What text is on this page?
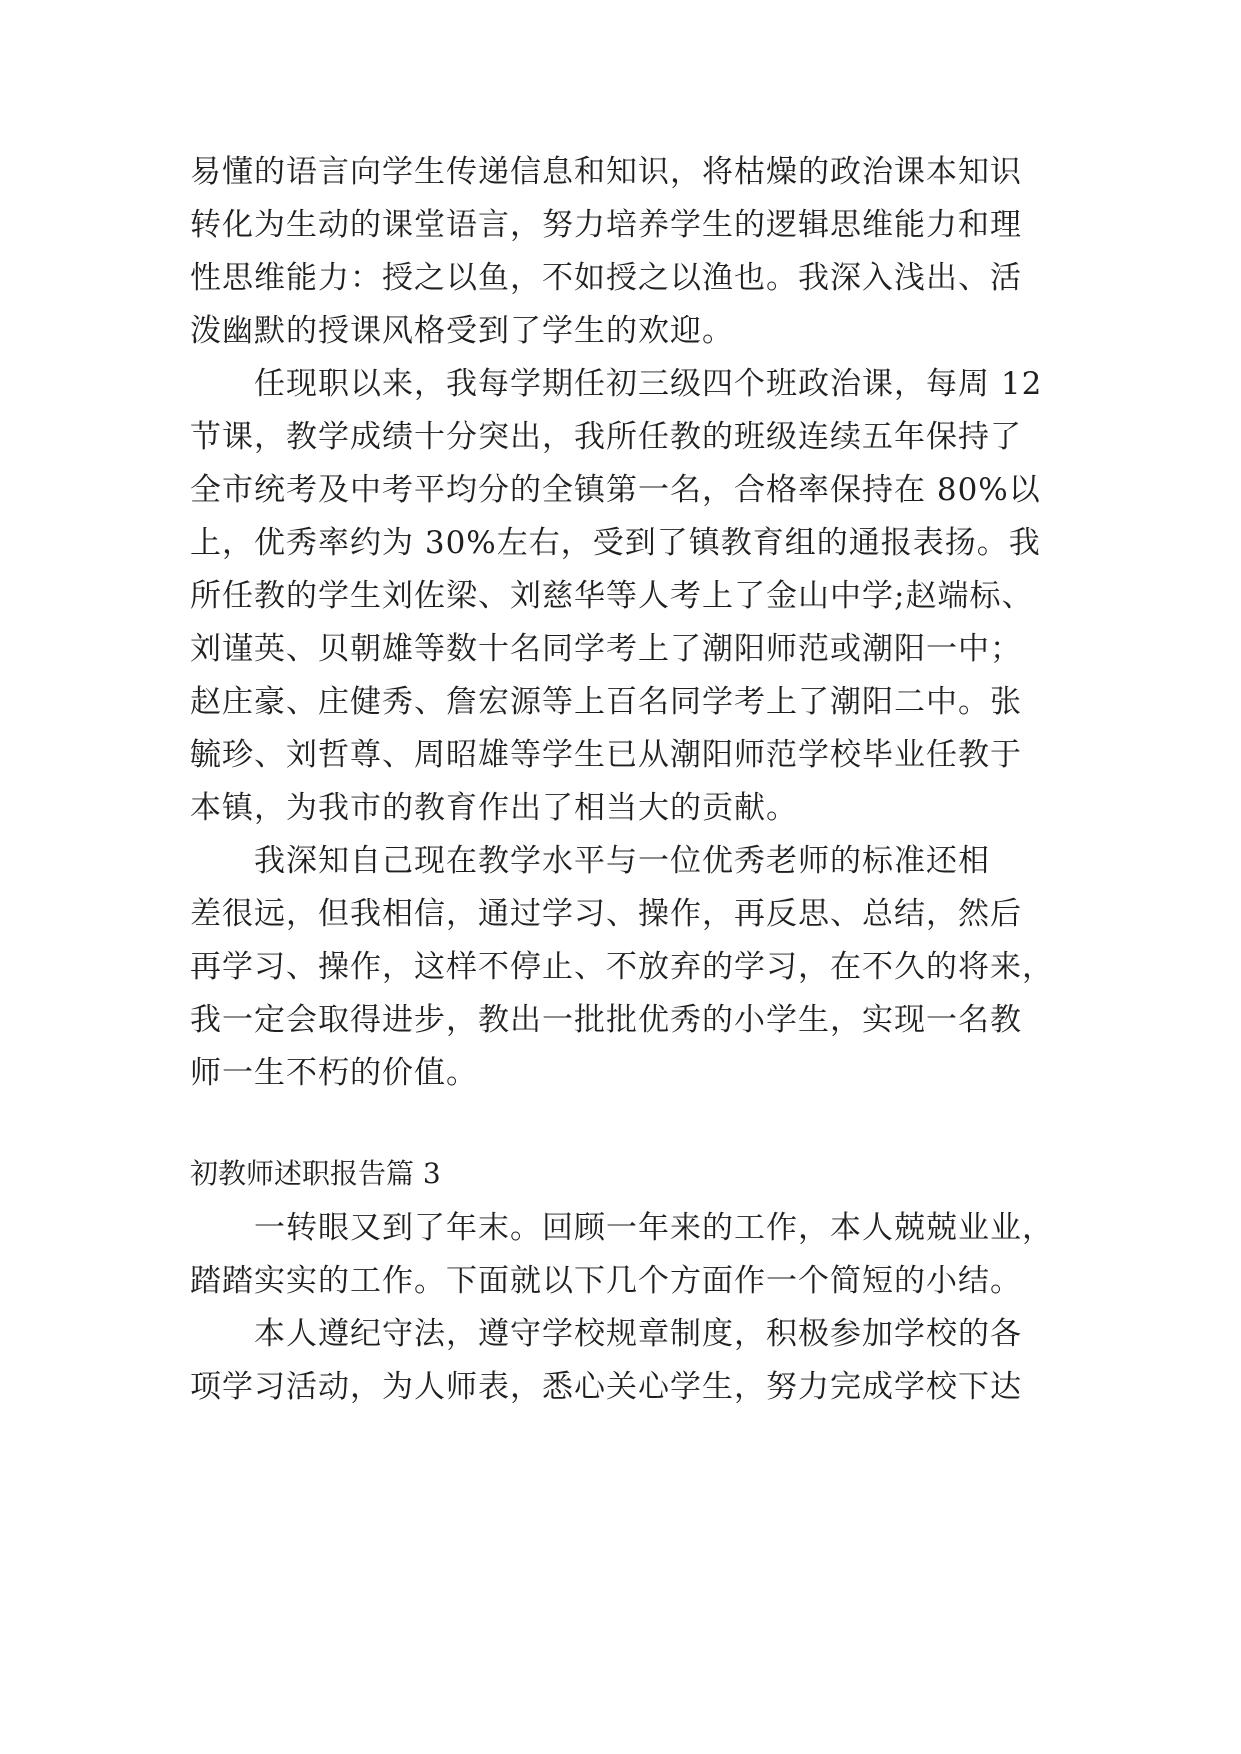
易懂的语言向学生传递信息和知识，将枯燥的政治课本知识
转化为生动的课堂语言，努力培养学生的逻辑思维能力和理
性思维能力：授之以鱼，不如授之以渔也。我深入浅出、活
泼幽默的授课风格受到了学生的欢迎。
任现职以来，我每学期任初三级四个班政治课，每周 12
节课，教学成绩十分突出，我所任教的班级连续五年保持了
全市统考及中考平均分的全镇第一名，合格率保持在 80%以
上，优秀率约为 30%左右，受到了镇教育组的通报表扬。我
所任教的学生刘佐梁、刘慈华等人考上了金山中学;赵端标、
刘谨英、贝朝雄等数十名同学考上了潮阳师范或潮阳一中；
赵庄豪、庄健秀、詹宏源等上百名同学考上了潮阳二中。张
毓珍、刘哲尊、周昭雄等学生已从潮阳师范学校毕业任教于
本镇，为我市的教育作出了相当大的贡献。
我深知自己现在教学水平与一位优秀老师的标准还相
差很远，但我相信，通过学习、操作，再反思、总结，然后
再学习、操作，这样不停止、不放弃的学习，在不久的将来，
我一定会取得进步，教出一批批优秀的小学生，实现一名教
师一生不朽的价值。
初教师述职报告篇 3
一转眼又到了年末。回顾一年来的工作，本人兢兢业业，
踏踏实实的工作。下面就以下几个方面作一个简短的小结。
本人遵纪守法，遵守学校规章制度，积极参加学校的各
项学习活动，为人师表，悉心关心学生，努力完成学校下达
